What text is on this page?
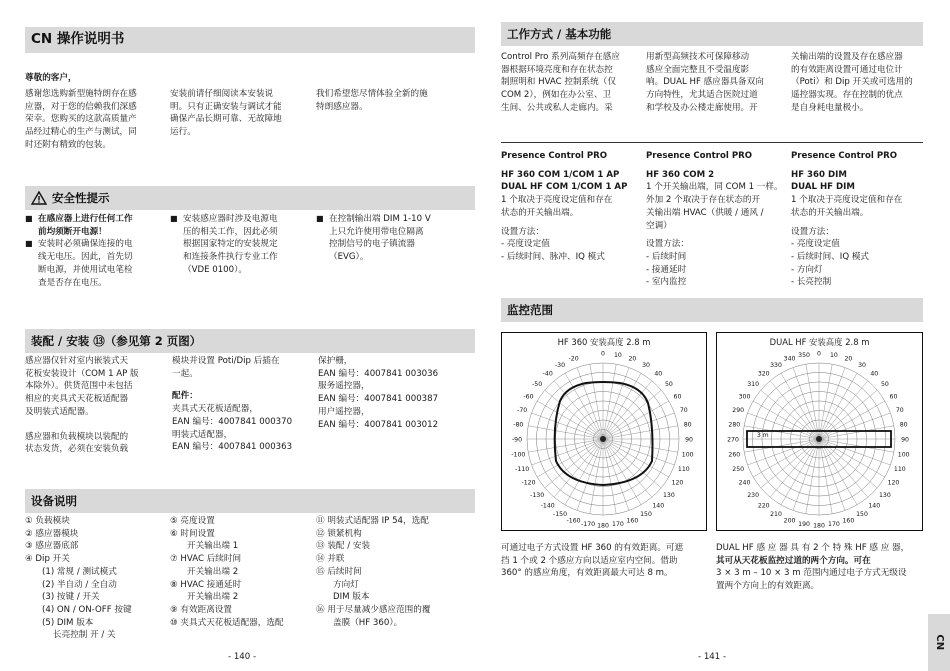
CN 操作说明书
尊敬的客户，
感谢您选购新型施特朗存在感
应器，对于您的信赖我们深感
荣幸。您购买的这款高质量产
品经过精心的生产与测试，同
时还附有精致的包装。
安装前请仔细阅读本安装说
明。只有正确安装与调试才能
确保产品长期可靠、无故障地
运行。
我们希望您尽情体验全新的施
特朗感应器。
安全性提示
■ 在感应器上进行任何工作
前均须断开电源！
■ 安装时必须确保连接的电
线无电压。因此，首先切
断电源，并使用试电笔检
查是否存在电压。
■ 安装感应器时涉及电源电
压的相关工作，因此必须
根据国家特定的安装规定
和连接条件执行专业工作
（VDE 0100）。
■ 在控制输出端 DIM 1-10 V
上只允许使用带电位隔离
控制信号的电子镇流器
（EVG）。
装配 / 安装 ⑬（参见第 2 页图）
感应器仅针对室内嵌装式天
花板安装设计（COM 1 AP 版
本除外）。供货范围中未包括
相应的夹具式天花板适配器
及明装式适配器。

感应器和负载模块以装配的
状态发货，必须在安装负载
模块并设置 Poti/Dip 后插在
一起。
配件：
夹具式天花板适配器，
EAN 编号：4007841 000370
明装式适配器，
EAN 编号：4007841 000363
保护栅，
EAN 编号：4007841 003036
服务遥控器，
EAN 编号：4007841 000387
用户遥控器，
EAN 编号：4007841 003012
设备说明
① 负载模块
② 感应器模块
③ 感应器底部
④ Dip 开关
(1) 常规 / 测试模式
(2) 半自动 / 全自动
(3) 按键 / 开关
(4) ON / ON-OFF 按键
(5) DIM 版本
长亮控制 开 / 关
⑤ 亮度设置
⑥ 时间设置
开关输出端 1
⑦ HVAC 后续时间
开关输出端 2
⑧ HVAC 接通延时
开关输出端 2
⑨ 有效距离设置
⑩ 夹具式天花板适配器，选配
⑪ 明装式适配器 IP 54，选配
⑫ 锁紧机构
⑬ 装配 / 安装
⑭ 并联
⑮ 后续时间
方向灯
DIM 版本
⑯ 用于尽量减少感应范围的覆
盖膜（HF 360）。
- 140 -
工作方式 / 基本功能
Control Pro 系列高频存在感应
器根据环境亮度和存在状态控
制照明和 HVAC 控制系统（仅
COM 2），例如在办公室、卫
生间、公共或私人走廊内。采
用新型高频技术可保障移动
感应全面完整且不受温度影
响。DUAL HF 感应器具备双向
方向特性，尤其适合医院过道
和学校及办公楼走廊使用。开
关输出端的设置及存在感应器
的有效距离设置可通过电位计
（Poti）和 Dip 开关或可选用的
遥控器实现。存在控制的优点
是自身耗电量极小。
Presence Control PRO
HF 360 COM 1/COM 1 AP
DUAL HF COM 1/COM 1 AP
1 个取决于亮度设定值和存在
状态的开关输出端。
设置方法：
- 亮度设定值
- 后续时间、脉冲、IQ 模式
Presence Control PRO
HF 360 COM 2
1 个开关输出端，同 COM 1 一样。
外加 2 个取决于存在状态的开
关输出端 HVAC（供暖 / 通风 /
空调）
设置方法：
- 后续时间
- 接通延时
- 室内监控
Presence Control PRO
HF 360 DIM
DUAL HF DIM
1 个取决于亮度设定值和存在
状态的开关输出端。
设置方法：
- 亮度设定值
- 后续时间、IQ 模式
- 方向灯
- 长亮控制
监控范围
HF 360 安装高度 2.8 m
-20
-30
-40
-50
-60
-70
-80
-90
-100
-110
-120
-130
-140
-150
-160
-170
0 10
20
30
40
50
60
70
80
90
100
110
120
130
140
150
160
170
180
DUAL HF 安装高度 2.8 m
350
340
330
320
310
300
290
280
270
260
250
240
230
220
210
200
190 180
0 10
20
30
40
50
60
70
80
90
100
110
120
130
140
150
160
170
3 m
可通过电子方式设置 HF 360 的有效距离。可遮
挡 1 个或 2 个感应方向以适应室内空间。借助
360° 的感应角度，有效距离最大可达 8 m。
DUAL HF 感 应 器 具 有 2 个 特 殊 HF 感 应 器，
其可从天花板监控过道的两个方向。可在
3 × 3 m – 10 × 3 m 范围内通过电子方式无级设
置两个方向上的有效距离。
- 141 -
CN
